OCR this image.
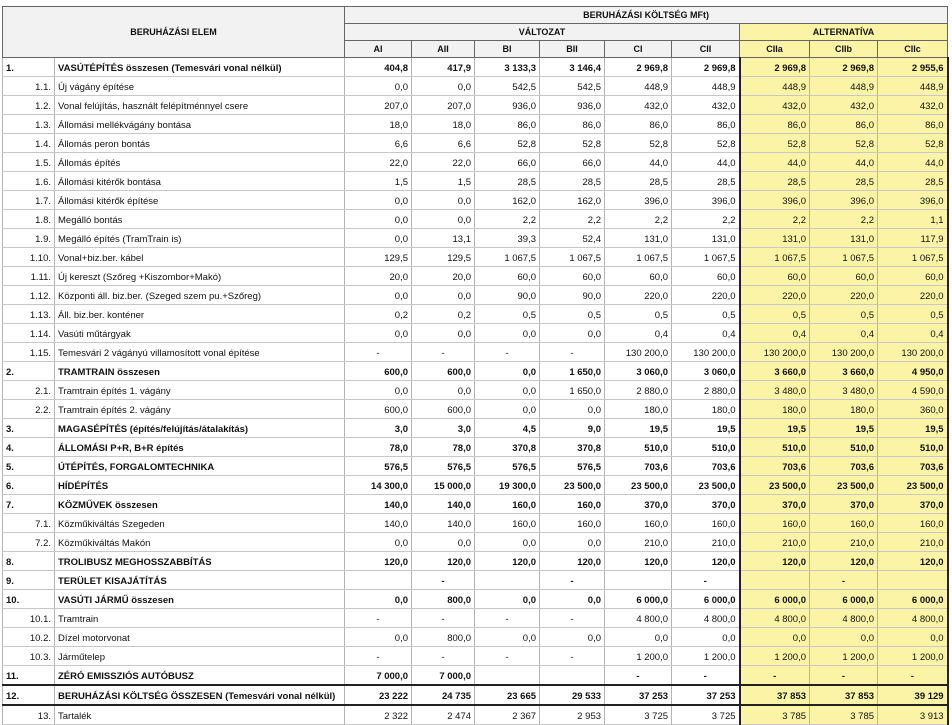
BERUHÁZÁSI ELEM		BERUHÁZÁSI KÖLTSÉG MFt)								
		VÁLTOZAT						ALTERNATÍVA		
		AI	AII	BI	BII	CI	CII	CIIa	CIIb	CIIc
1.	VASÚTÉPÍTÉS összesen (Temesvári vonal nélkül)	404,8	417,9	3 133,3	3 146,4	2 969,8	2 969,8	2 969,8	2 969,8	2 955,6
1.1.	Új vágány építése	0,0	0,0	542,5	542,5	448,9	448,9	448,9	448,9	448,9
1.2.	Vonal felújítás, használt felépítménnyel csere	207,0	207,0	936,0	936,0	432,0	432,0	432,0	432,0	432,0
1.3.	Állomási mellékvágány bontása	18,0	18,0	86,0	86,0	86,0	86,0	86,0	86,0	86,0
1.4.	Állomás peron bontás	6,6	6,6	52,8	52,8	52,8	52,8	52,8	52,8	52,8
1.5.	Állomás építés	22,0	22,0	66,0	66,0	44,0	44,0	44,0	44,0	44,0
1.6.	Állomási kitérők bontása	1,5	1,5	28,5	28,5	28,5	28,5	28,5	28,5	28,5
1.7.	Állomási kitérők építése	0,0	0,0	162,0	162,0	396,0	396,0	396,0	396,0	396,0
1.8.	Megálló bontás	0,0	0,0	2,2	2,2	2,2	2,2	2,2	2,2	1,1
1.9.	Megálló építés (TramTrain is)	0,0	13,1	39,3	52,4	131,0	131,0	131,0	131,0	117,9
1.10.	Vonal+biz.ber. kábel	129,5	129,5	1 067,5	1 067,5	1 067,5	1 067,5	1 067,5	1 067,5	1 067,5
1.11.	Új kereszt (Szőreg +Kiszombor+Makó)	20,0	20,0	60,0	60,0	60,0	60,0	60,0	60,0	60,0
1.12.	Központi áll. biz.ber. (Szeged szem pu.+Szőreg)	0,0	0,0	90,0	90,0	220,0	220,0	220,0	220,0	220,0
1.13.	Áll. biz.ber. konténer	0,2	0,2	0,5	0,5	0,5	0,5	0,5	0,5	0,5
1.14.	Vasúti műtárgyak	0,0	0,0	0,0	0,0	0,4	0,4	0,4	0,4	0,4
1.15.	Temesvári 2 vágányú villamosított vonal építése	-	-	-	-	130 200,0	130 200,0	130 200,0	130 200,0	130 200,0
2.	TRAMTRAIN összesen	600,0	600,0	0,0	1 650,0	3 060,0	3 060,0	3 660,0	3 660,0	4 950,0
2.1.	Tramtrain építés 1. vágány	0,0	0,0	0,0	1 650,0	2 880,0	2 880,0	3 480,0	3 480,0	4 590,0
2.2.	Tramtrain építés 2. vágány	600,0	600,0	0,0	0,0	180,0	180,0	180,0	180,0	360,0
3.	MAGASÉPÍTÉS (építés/felújítás/átalakítás)	3,0	3,0	4,5	9,0	19,5	19,5	19,5	19,5	19,5
4.	ÁLLOMÁSI P+R, B+R építés	78,0	78,0	370,8	370,8	510,0	510,0	510,0	510,0	510,0
5.	ÚTÉPÍTÉS, FORGALOMTECHNIKA	576,5	576,5	576,5	576,5	703,6	703,6	703,6	703,6	703,6
6.	HÍDÉPÍTÉS	14 300,0	15 000,0	19 300,0	23 500,0	23 500,0	23 500,0	23 500,0	23 500,0	23 500,0
7.	KÖZMŰVEK összesen	140,0	140,0	160,0	160,0	370,0	370,0	370,0	370,0	370,0
7.1.	Közműkiváltás Szegeden	140,0	140,0	160,0	160,0	160,0	160,0	160,0	160,0	160,0
7.2.	Közműkiváltás Makón	0,0	0,0	0,0	0,0	210,0	210,0	210,0	210,0	210,0
8.	TROLIBUSZ MEGHOSSZABBÍTÁS	120,0	120,0	120,0	120,0	120,0	120,0	120,0	120,0	120,0
9.	TERÜLET KISAJÁTÍTÁS		-		-		-		-	
10.	VASÚTI JÁRMŰ összesen	0,0	800,0	0,0	0,0	6 000,0	6 000,0	6 000,0	6 000,0	6 000,0
10.1.	Tramtrain	-	-	-	-	4 800,0	4 800,0	4 800,0	4 800,0	4 800,0
10.2.	Dízel motorvonat	0,0	800,0	0,0	0,0	0,0	0,0	0,0	0,0	0,0
10.3.	Járműtelep	-	-	-	-	1 200,0	1 200,0	1 200,0	1 200,0	1 200,0
11.	ZÉRÓ EMISSZIÓS AUTÓBUSZ	7 000,0	7 000,0			-	-	-	-	-
12.	BERUHÁZÁSI KÖLTSÉG ÖSSZESEN (Temesvári vonal nélkül)	23 222	24 735	23 665	29 533	37 253	37 253	37 853	37 853	39 129
13.	Tartalék	2 322	2 474	2 367	2 953	3 725	3 725	3 785	3 785	3 913
